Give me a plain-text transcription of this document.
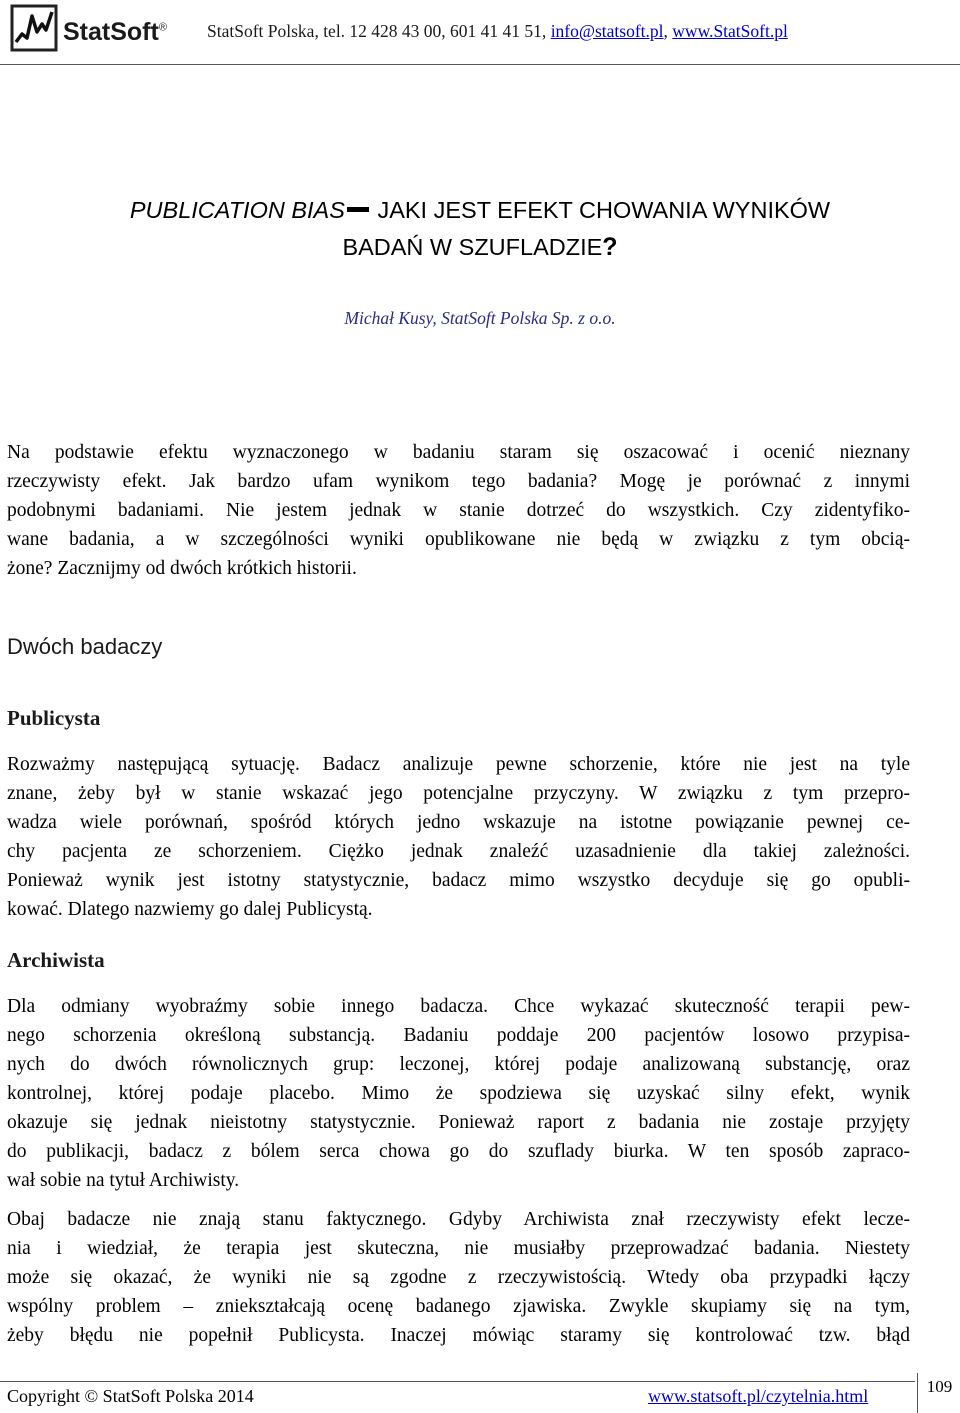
StatSoft® StatSoft Polska, tel. 12 428 43 00, 601 41 41 51, info@statsoft.pl, www.StatSoft.pl
PUBLICATION BIAS JAKI JEST EFEKT CHOWANIA WYNIKÓW
BADAŃ W SZUFLADZIE?
Michał Kusy, StatSoft Polska Sp. z o.o.
Na podstawie efektu wyznaczonego w badaniu staram się oszacować i ocenić nieznany
rzeczywisty efekt. Jak bardzo ufam wynikom tego badania? Mogę je porównać z innymi
podobnymi badaniami. Nie jestem jednak w stanie dotrzeć do wszystkich. Czy zidentyfiko-
wane badania, a w szczególności wyniki opublikowane nie będą w związku z tym obcią-
żone? Zacznijmy od dwóch krótkich historii.
Dwóch badaczy
Publicysta
Rozważmy następującą sytuację. Badacz analizuje pewne schorzenie, które nie jest na tyle
znane, żeby był w stanie wskazać jego potencjalne przyczyny. W związku z tym przepro-
wadza wiele porównań, spośród których jedno wskazuje na istotne powiązanie pewnej ce-
chy pacjenta ze schorzeniem. Ciężko jednak znaleźć uzasadnienie dla takiej zależności.
Ponieważ wynik jest istotny statystycznie, badacz mimo wszystko decyduje się go opubli-
kować. Dlatego nazwiemy go dalej Publicystą.
Archiwista
Dla odmiany wyobraźmy sobie innego badacza. Chce wykazać skuteczność terapii pew-
nego schorzenia określoną substancją. Badaniu poddaje 200 pacjentów losowo przypisa-
nych do dwóch równolicznych grup: leczonej, której podaje analizowaną substancję, oraz
kontrolnej, której podaje placebo. Mimo że spodziewa się uzyskać silny efekt, wynik
okazuje się jednak nieistotny statystycznie. Ponieważ raport z badania nie zostaje przyjęty
do publikacji, badacz z bólem serca chowa go do szuflady biurka. W ten sposób zapraco-
wał sobie na tytuł Archiwisty.
Obaj badacze nie znają stanu faktycznego. Gdyby Archiwista znał rzeczywisty efekt lecze-
nia i wiedział, że terapia jest skuteczna, nie musiałby przeprowadzać badania. Niestety
może się okazać, że wyniki nie są zgodne z rzeczywistością. Wtedy oba przypadki łączy
wspólny problem – zniekształcają ocenę badanego zjawiska. Zwykle skupiamy się na tym,
żeby błędu nie popełnił Publicysta. Inaczej mówiąc staramy się kontrolować tzw. błąd
Copyright © StatSoft Polska 2014	www.statsoft.pl/czytelnia.html	109
